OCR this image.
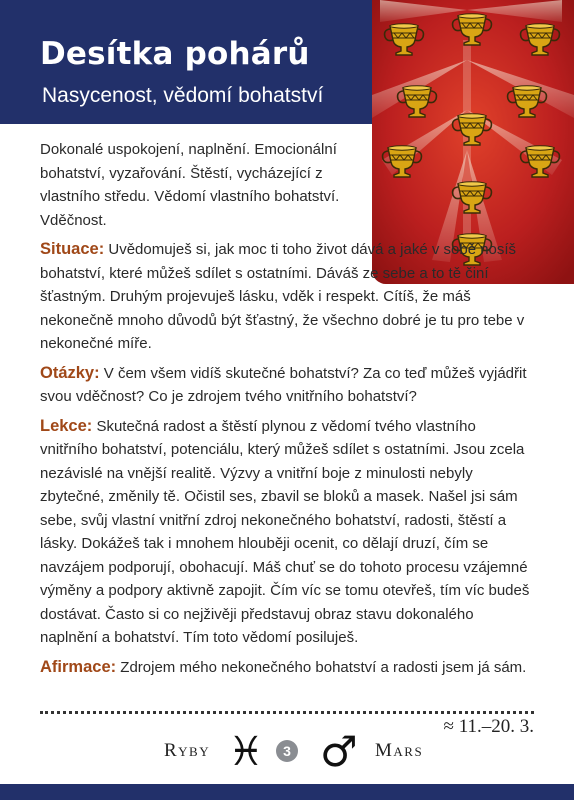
Desítka pohárů
Nasycenost, vědomí bohatství

Dokonalé uspokojení, naplnění. Emocionální bohatství, vyzařování. Štěstí, vycházející z vlastního středu. Vědomí vlastního bohatství. Vděčnost.

Situace: Uvědomuješ si, jak moc ti toho život dává a jaké v sobě nosíš bohatství, které můžeš sdílet s ostatními. Dáváš ze sebe a to tě činí šťastným. Druhým projevuješ lásku, vděk i respekt. Cítíš, že máš nekonečně mnoho důvodů být šťastný, že všechno dobré je tu pro tebe v nekonečné míře.

Otázky: V čem všem vidíš skutečné bohatství? Za co teď můžeš vyjádřit svou vděčnost? Co je zdrojem tvého vnitřního bohatství?

Lekce: Skutečná radost a štěstí plynou z vědomí tvého vlastního vnitřního bohatství, potenciálu, který můžeš sdílet s ostatními. Jsou zcela nezávislé na vnější realitě. Výzvy a vnitřní boje z minulosti nebyly zbytečné, změnily tě. Očistil ses, zbavil se bloků a masek. Našel jsi sám sebe, svůj vlastní vnitřní zdroj nekonečného bohatství, radosti, štěstí a lásky. Dokážeš tak i mnohem hlouběji ocenit, co dělají druzí, čím se navzájem podporují, obohacují. Máš chuť se do tohoto procesu vzájemné výměny a podpory aktivně zapojit. Čím víc se tomu otevřeš, tím víc budeš dostávat. Často si co nejživěji představuj obraz stavu dokonalého naplnění a bohatství. Tím toto vědomí posiluješ.

Afirmace: Zdrojem mého nekonečného bohatství a radosti jsem já sám.

≈ 11.–20. 3.
Ryby ♓	3 ♂ Mars
